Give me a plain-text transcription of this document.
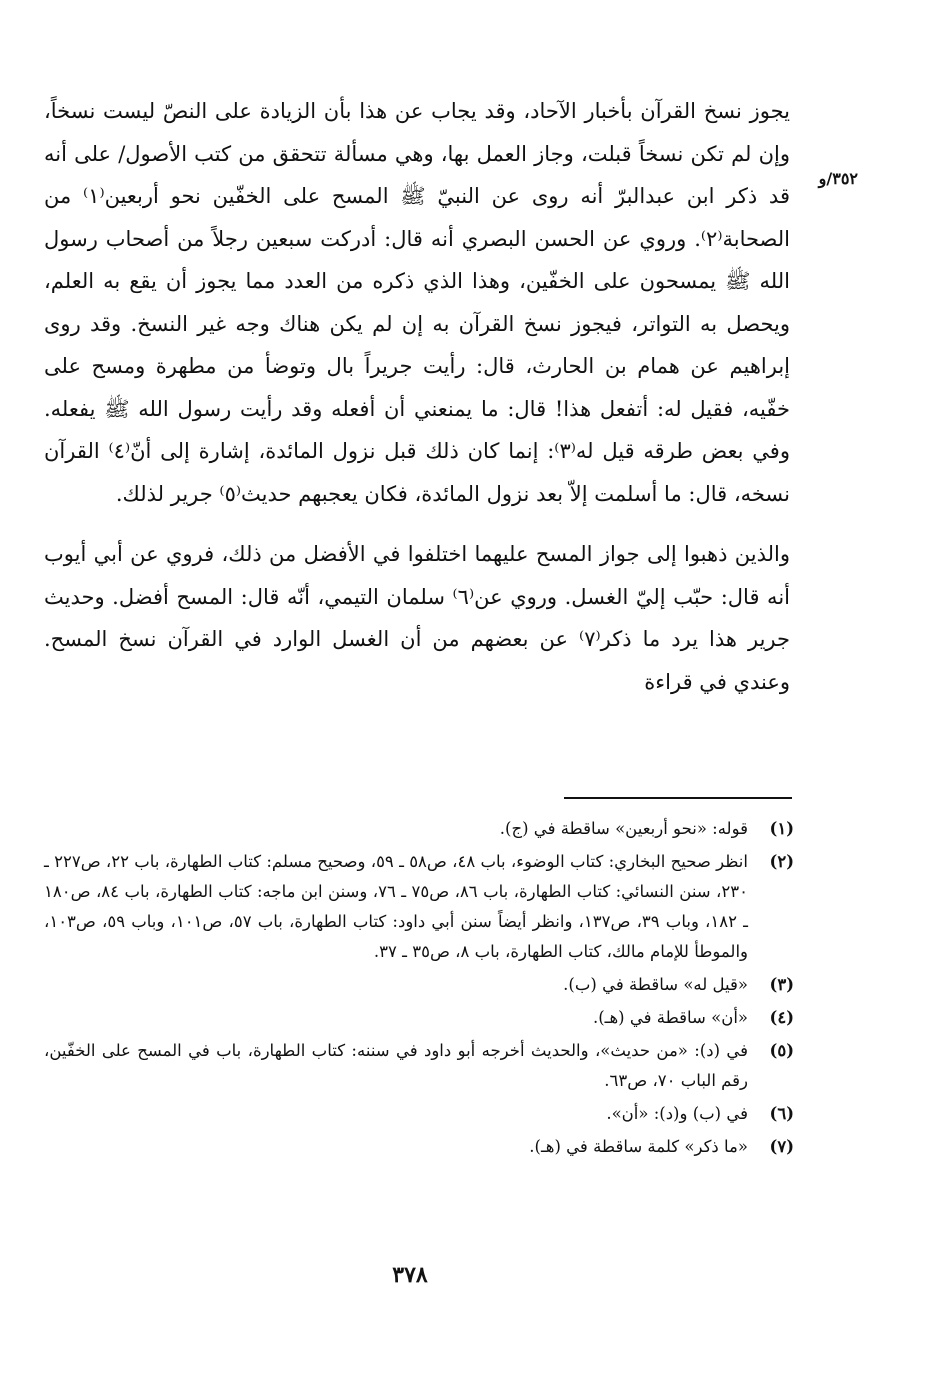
٣٥٢/و

يجوز نسخ القرآن بأخبار الآحاد، وقد يجاب عن هذا بأن الزيادة على النصّ ليست نسخاً، وإن لم تكن نسخاً قبلت، وجاز العمل بها، وهي مسألة تتحقق من كتب الأصول/ على أنه قد ذكر ابن عبدالبرّ أنه روى عن النبيّ ﷺ المسح على الخفّين نحو أربعين⁽١⁾ من الصحابة⁽٢⁾. وروي عن الحسن البصري أنه قال: أدركت سبعين رجلاً من أصحاب رسول الله ﷺ يمسحون على الخفّين، وهذا الذي ذكره من العدد مما يجوز أن يقع به العلم، ويحصل به التواتر، فيجوز نسخ القرآن به إن لم يكن هناك وجه غير النسخ. وقد روى إبراهيم عن همام بن الحارث، قال: رأيت جريراً بال وتوضأ من مطهرة ومسح على خفّيه، فقيل له: أتفعل هذا! قال: ما يمنعني أن أفعله وقد رأيت رسول الله ﷺ يفعله. وفي بعض طرقه قيل له⁽٣⁾: إنما كان ذلك قبل نزول المائدة، إشارة إلى أنّ⁽٤⁾ القرآن نسخه، قال: ما أسلمت إلاّ بعد نزول المائدة، فكان يعجبهم حديث⁽٥⁾ جرير لذلك.

والذين ذهبوا إلى جواز المسح عليهما اختلفوا في الأفضل من ذلك، فروي عن أبي أيوب أنه قال: حبّب إليّ الغسل. وروي عن⁽٦⁾ سلمان التيمي، أنّه قال: المسح أفضل. وحديث جرير هذا يرد ما ذكر⁽٧⁾ عن بعضهم من أن الغسل الوارد في القرآن نسخ المسح. وعندي في قراءة

(١)
قوله: «نحو أربعين» ساقطة في (ج).
(٢)
انظر صحيح البخاري: كتاب الوضوء، باب ٤٨، ص٥٨ ـ ٥٩، وصحيح مسلم: كتاب الطهارة، باب ٢٢، ص٢٢٧ ـ ٢٣٠، سنن النسائي: كتاب الطهارة، باب ٨٦، ص٧٥ ـ ٧٦، وسنن ابن ماجه: كتاب الطهارة، باب ٨٤، ص١٨٠ ـ ١٨٢، وباب ٣٩، ص١٣٧، وانظر أيضاً سنن أبي داود: كتاب الطهارة، باب ٥٧، ص١٠١، وباب ٥٩، ص١٠٣، والموطأ للإمام مالك، كتاب الطهارة، باب ٨، ص٣٥ ـ ٣٧.
(٣)
«قيل له» ساقطة في (ب).
(٤)
«أن» ساقطة في (هـ).
(٥)
في (د): «من حديث»، والحديث أخرجه أبو داود في سننه: كتاب الطهارة، باب في المسح على الخفّين، رقم الباب ٧٠، ص٦٣.
(٦)
في (ب) و(د): «أن».
(٧)
«ما ذكر» كلمة ساقطة في (هـ).
٣٧٨
